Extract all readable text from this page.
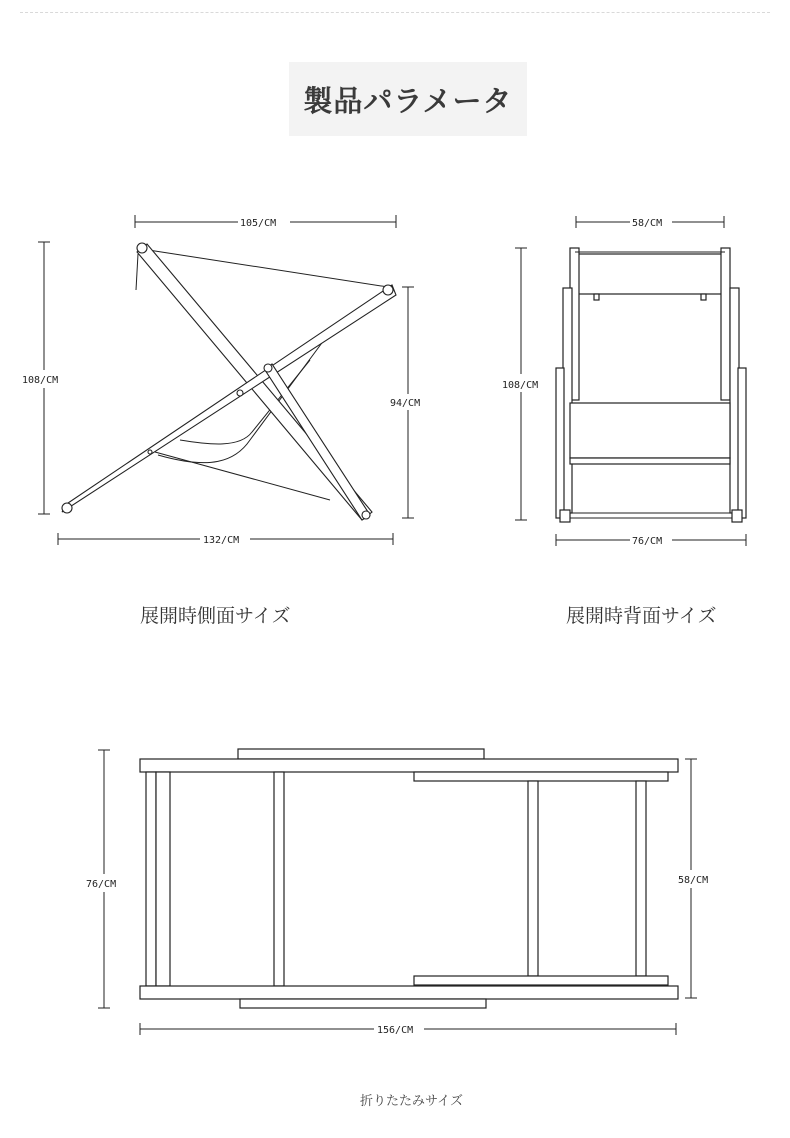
製品パラメータ
105/CM
108/CM
94/CM
132/CM
58/CM
108/CM
76/CM
76/CM	58/CM
156/CM
展開時側面サイズ	展開時背面サイズ
折りたたみサイズ
